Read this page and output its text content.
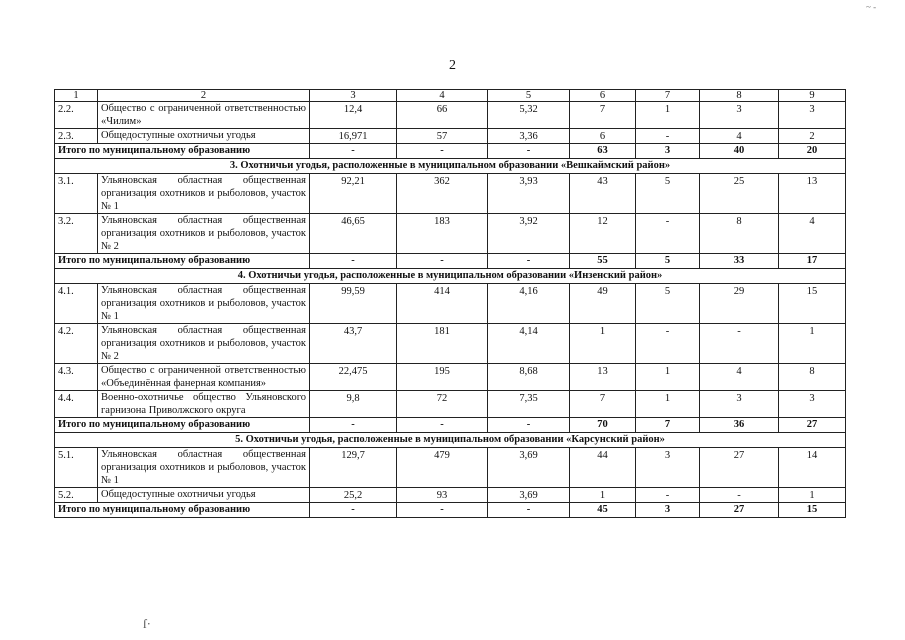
~ -
2
1	2	3	4	5	6	7	8	9
2.2.	Общество с ограниченной ответственностью «Чилим»	12,4	66	5,32	7	1	3	3
2.3.	Общедоступные охотничьи угодья	16,971	57	3,36	6	-	4	2
Итого по муниципальному образованию		-	-	-	63	3	40	20
3. Охотничьи угодья, расположенные в муниципальном образовании «Вешкаймский район»								
3.1.	Ульяновская областная общественная организация охотников и рыболовов, участок № 1	92,21	362	3,93	43	5	25	13
3.2.	Ульяновская областная общественная организация охотников и рыболовов, участок № 2	46,65	183	3,92	12	-	8	4
Итого по муниципальному образованию		-	-	-	55	5	33	17
4. Охотничьи угодья, расположенные в муниципальном образовании «Инзенский район»								
4.1.	Ульяновская областная общественная организация охотников и рыболовов, участок № 1	99,59	414	4,16	49	5	29	15
4.2.	Ульяновская областная общественная организация охотников и рыболовов, участок № 2	43,7	181	4,14	1	-	-	1
4.3.	Общество с ограниченной ответственностью «Объединённая фанерная компания»	22,475	195	8,68	13	1	4	8
4.4.	Военно-охотничье общество Ульяновского гарнизона Приволжского округа	9,8	72	7,35	7	1	3	3
Итого по муниципальному образованию		-	-	-	70	7	36	27
5. Охотничьи угодья, расположенные в муниципальном образовании «Карсунский район»								
5.1.	Ульяновская областная общественная организация охотников и рыболовов, участок № 1	129,7	479	3,69	44	3	27	14
5.2.	Общедоступные охотничьи угодья	25,2	93	3,69	1	-	-	1
Итого по муниципальному образованию		-	-	-	45	3	27	15
ſ·
